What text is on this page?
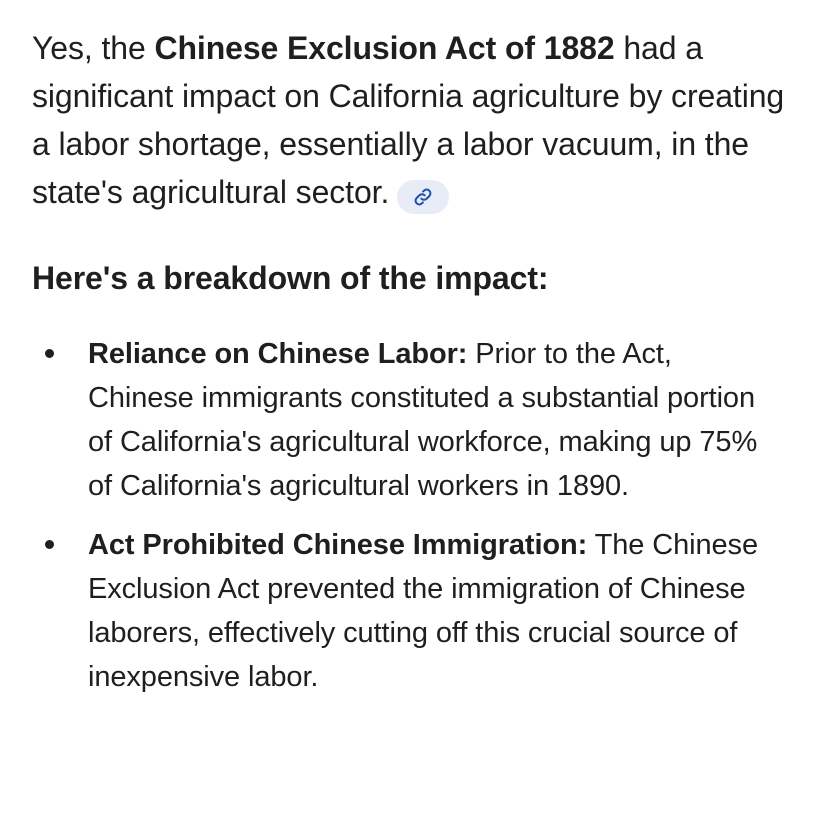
Yes, the Chinese Exclusion Act of 1882 had a significant impact on California agriculture by creating a labor shortage, essentially a labor vacuum, in the state's agricultural sector.

Here's a breakdown of the impact:
Reliance on Chinese Labor: Prior to the Act, Chinese immigrants constituted a substantial portion of California's agricultural workforce, making up 75% of California's agricultural workers in 1890.
Act Prohibited Chinese Immigration: The Chinese Exclusion Act prevented the immigration of Chinese laborers, effectively cutting off this crucial source of inexpensive labor.
